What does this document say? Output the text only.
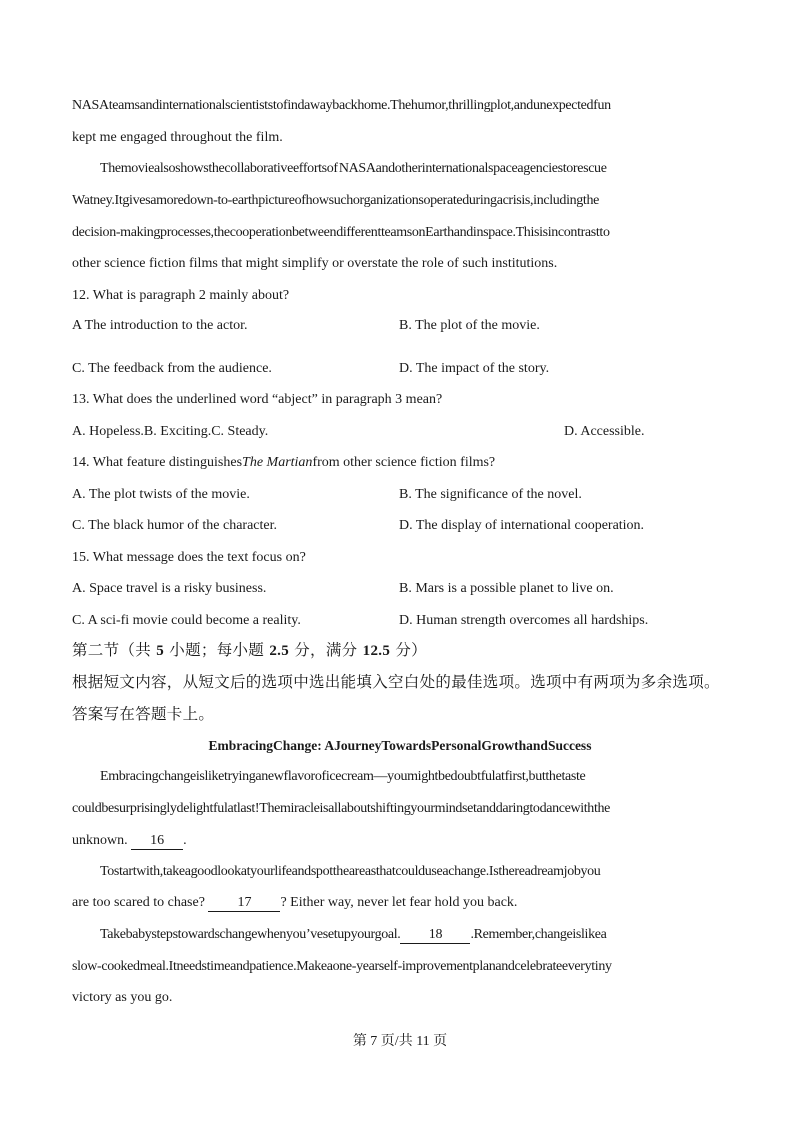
NASAteamsandinternationalscientiststofindawaybackhome.Thehumor,thrillingplot,andunexpectedfun
kept me engaged throughout the film.
Themoviealsoshowsthecollaborativeeffortsof NASAandotherinternationalspaceagenciestorescue
Watney.Itgivesamoredown-to-earthpictureofhowsuchorganizationsoperateduringacrisis,includingthe
decision-makingprocesses,thecooperationbetweendifferentteamsonEarthandinspace.Thisisincontrastto
other science fiction films that might simplify or overstate the role of such institutions.
12. What is paragraph 2 mainly about?
A The introduction to the actor.	B. The plot of the movie.
C. The feedback from the audience.	D. The impact of the story.
13. What does the underlined word “abject” in paragraph 3 mean?
A. Hopeless.B. Exciting.C. Steady.	D. Accessible.
14. What feature distinguishesThe Martianfrom other science fiction films?
A. The plot twists of the movie.	B. The significance of the novel.
C. The black humor of the character.	D. The display of international cooperation.
15. What message does the text focus on?
A. Space travel is a risky business.	B. Mars is a possible planet to live on.
C. A sci-fi movie could become a reality.	D. Human strength overcomes all hardships.
第二节（共 5 小题；每小题 2.5 分，满分 12.5 分）
根据短文内容，从短文后的选项中选出能填入空白处的最佳选项。选项中有两项为多余选项。
答案写在答题卡上。
EmbracingChange: AJourneyTowardsPersonalGrowthandSuccess
Embracingchangeisliketryinganewflavoroficecream—youmightbedoubtfulatfirst,butthetaste
couldbesurprisinglydelightfulatlast!Themiracleisallaboutshiftingyourmindsetanddaringtodancewiththe
unknown. 16 .
Tostartwith,takeagoodlookatyourlifeandspottheareasthatcoulduseachange.Isthereadreamjobyou
are too scared to chase? 17 ? Either way, never let fear hold you back.
Takebabystepstowardschangewhenyou’vesetupyourgoal. 18 .Remember,changeislikea
slow-cookedmeal.Itneedstimeandpatience.Makeaone-yearself-improvementplanandcelebrateeverytiny
victory as you go.
第 7 页/共 11 页
